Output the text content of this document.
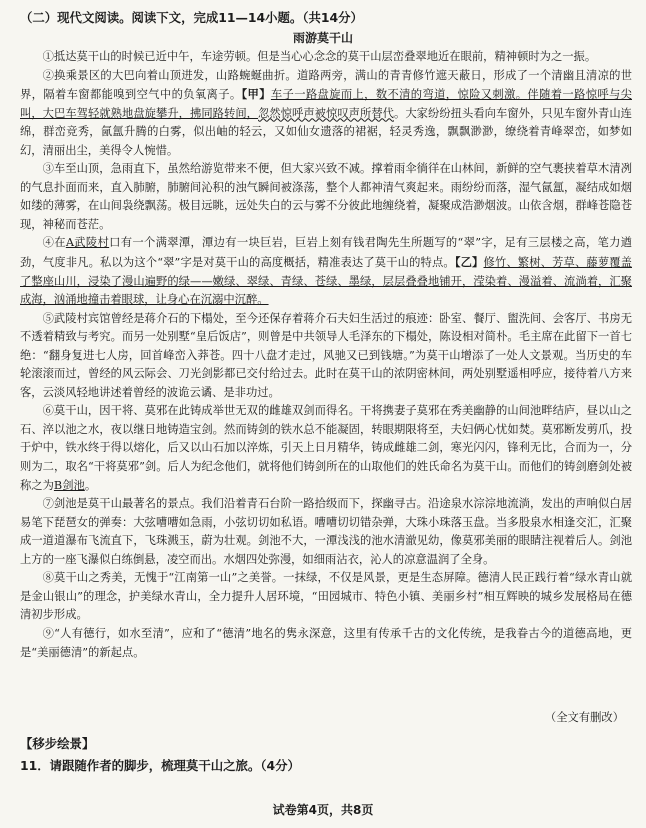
（二）现代文阅读。阅读下文，完成11—14小题。（共14分）
雨游莫干山

①抵达莫干山的时候已近中午，车途劳顿。但是当心心念念的莫干山层峦叠翠地近在眼前，精神顿时为之一振。

②换乘景区的大巴向着山顶进发，山路蜿蜒曲折。道路两旁，满山的青青修竹遮天蔽日，形成了一个清幽且清凉的世界，隔着车窗都能嗅到空气中的负氧离子。【甲】车子一路盘旋而上，数不清的弯道，惊险又刺激。伴随着一路惊呼与尖叫，大巴车驾轻就熟地盘旋攀升，拂同路转间，忽然惊呼声被惊叹声所替代。大家纷纷扭头看向车窗外，只见车窗外青山连绵，群峦竞秀，氤氲升腾的白雾，似出岫的轻云，又如仙女遗落的裙裾，轻灵秀逸，飘飘渺渺，缭绕着青峰翠峦，如梦如幻，清丽出尘，美得令人惋惜。

③车至山顶，急雨直下，虽然给游览带来不便，但大家兴致不减。撑着雨伞徜徉在山林间，新鲜的空气裹挟着草木清冽的气息扑面而来，直入肺腑，肺腑间沁积的浊气瞬间被涤荡，整个人都神清气爽起来。雨纷纷而落，湿气氤氲，凝结成如烟如缕的薄雾，在山间袅绕飘荡。极目远眺，远处失白的云与雾不分彼此地缠绕着，凝聚成浩渺烟波。山依含烟，群峰苍隐苍现，神秘而苍茫。

④在A武陵村口有一个满翠潭，潭边有一块巨岩，巨岩上刻有钱君陶先生所题写的“翠”字，足有三层楼之高，笔力遒劲，气度非凡。私以为这个“翠”字是对莫干山的高度概括，精准表达了莫干山的特点。【乙】修竹、繁树、芳草、藤萝覆盖了整座山川，浸染了漫山遍野的绿——嫩绿、翠绿、青绿、苍绿、墨绿，层层叠叠地铺开，滢染着、漫溢着、流淌着，汇聚成海，汹涌地撞击着眼球，让身心在沉溺中沉醉。

⑤武陵村宾馆曾经是蒋介石的下榻处，至今还保存着蒋介石夫妇生活过的痕迹：卧室、餐厅、盥洗间、会客厅、书房无不透着精致与考究。而另一处别墅“皇后饭店”，则曾是中共领导人毛泽东的下榻处，陈设相对简朴。毛主席在此留下一首七绝：“翻身复进七人房，回首峰峦入莽苍。四十八盘才走过，风驰又已到钱塘。”为莫干山增添了一处人文景观。当历史的车轮滚滚而过，曾经的风云际会、刀光剑影都已交付给过去。此时在莫干山的浓阴密林间，两处别墅遥相呼应，接待着八方来客，云淡风轻地讲述着曾经的波诡云谲、是非功过。

⑥莫干山，因干将、莫邪在此铸成举世无双的雌雄双剑而得名。干将携妻子莫邪在秀美幽静的山间池畔结庐，昼以山之石、淬以池之水，夜以继日地铸造宝剑。然而铸剑的铁水总不能凝固，转眼期限将至，夫妇俩心忧如焚。莫邪断发剪爪，投于炉中，铁水终于得以熔化，后又以山石加以淬炼，引天上日月精华，铸成雌雄二剑，寒光闪闪，锋利无比，合而为一，分则为二，取名“干将莫邪”剑。后人为纪念他们，就将他们铸剑所在的山取他们的姓氏命名为莫干山。而他们的铸剑磨剑处被称之为B剑池。

⑦剑池是莫干山最著名的景点。我们沿着青石台阶一路拾级而下，探幽寻古。沿途泉水淙淙地流淌，发出的声响似白居易笔下琵琶女的弹奏：大弦嘈嘈如急雨，小弦切切如私语。嘈嘈切切错杂弹，大珠小珠落玉盘。当多股泉水相逢交汇，汇聚成一道道瀑布飞流直下，飞珠溅玉，蔚为壮观。剑池不大，一潭浅浅的池水清澈见幼，像莫邪美丽的眼睛注视着后人。剑池上方的一座飞瀑似白练倒悬，凌空而出。水烟四处弥漫，如细雨沾衣，沁人的凉意温润了全身。

⑧莫干山之秀美，无愧于“江南第一山”之美誉。一抹绿，不仅是风景，更是生态屏障。德清人民正践行着“绿水青山就是金山银山”的理念，护美绿水青山，全力提升人居环境，“田园城市、特色小镇、美丽乡村”相互辉映的城乡发展格局在德清初步形成。

⑨“人有德行，如水至清”，应和了“德清”地名的隽永深意，这里有传承千古的文化传统，是我眷古今的道德高地，更是“美丽德清”的新起点。

（全文有删改）
【移步绘景】
11．请跟随作者的脚步，梳理莫干山之旅。（4分）
试卷第4页，共8页
